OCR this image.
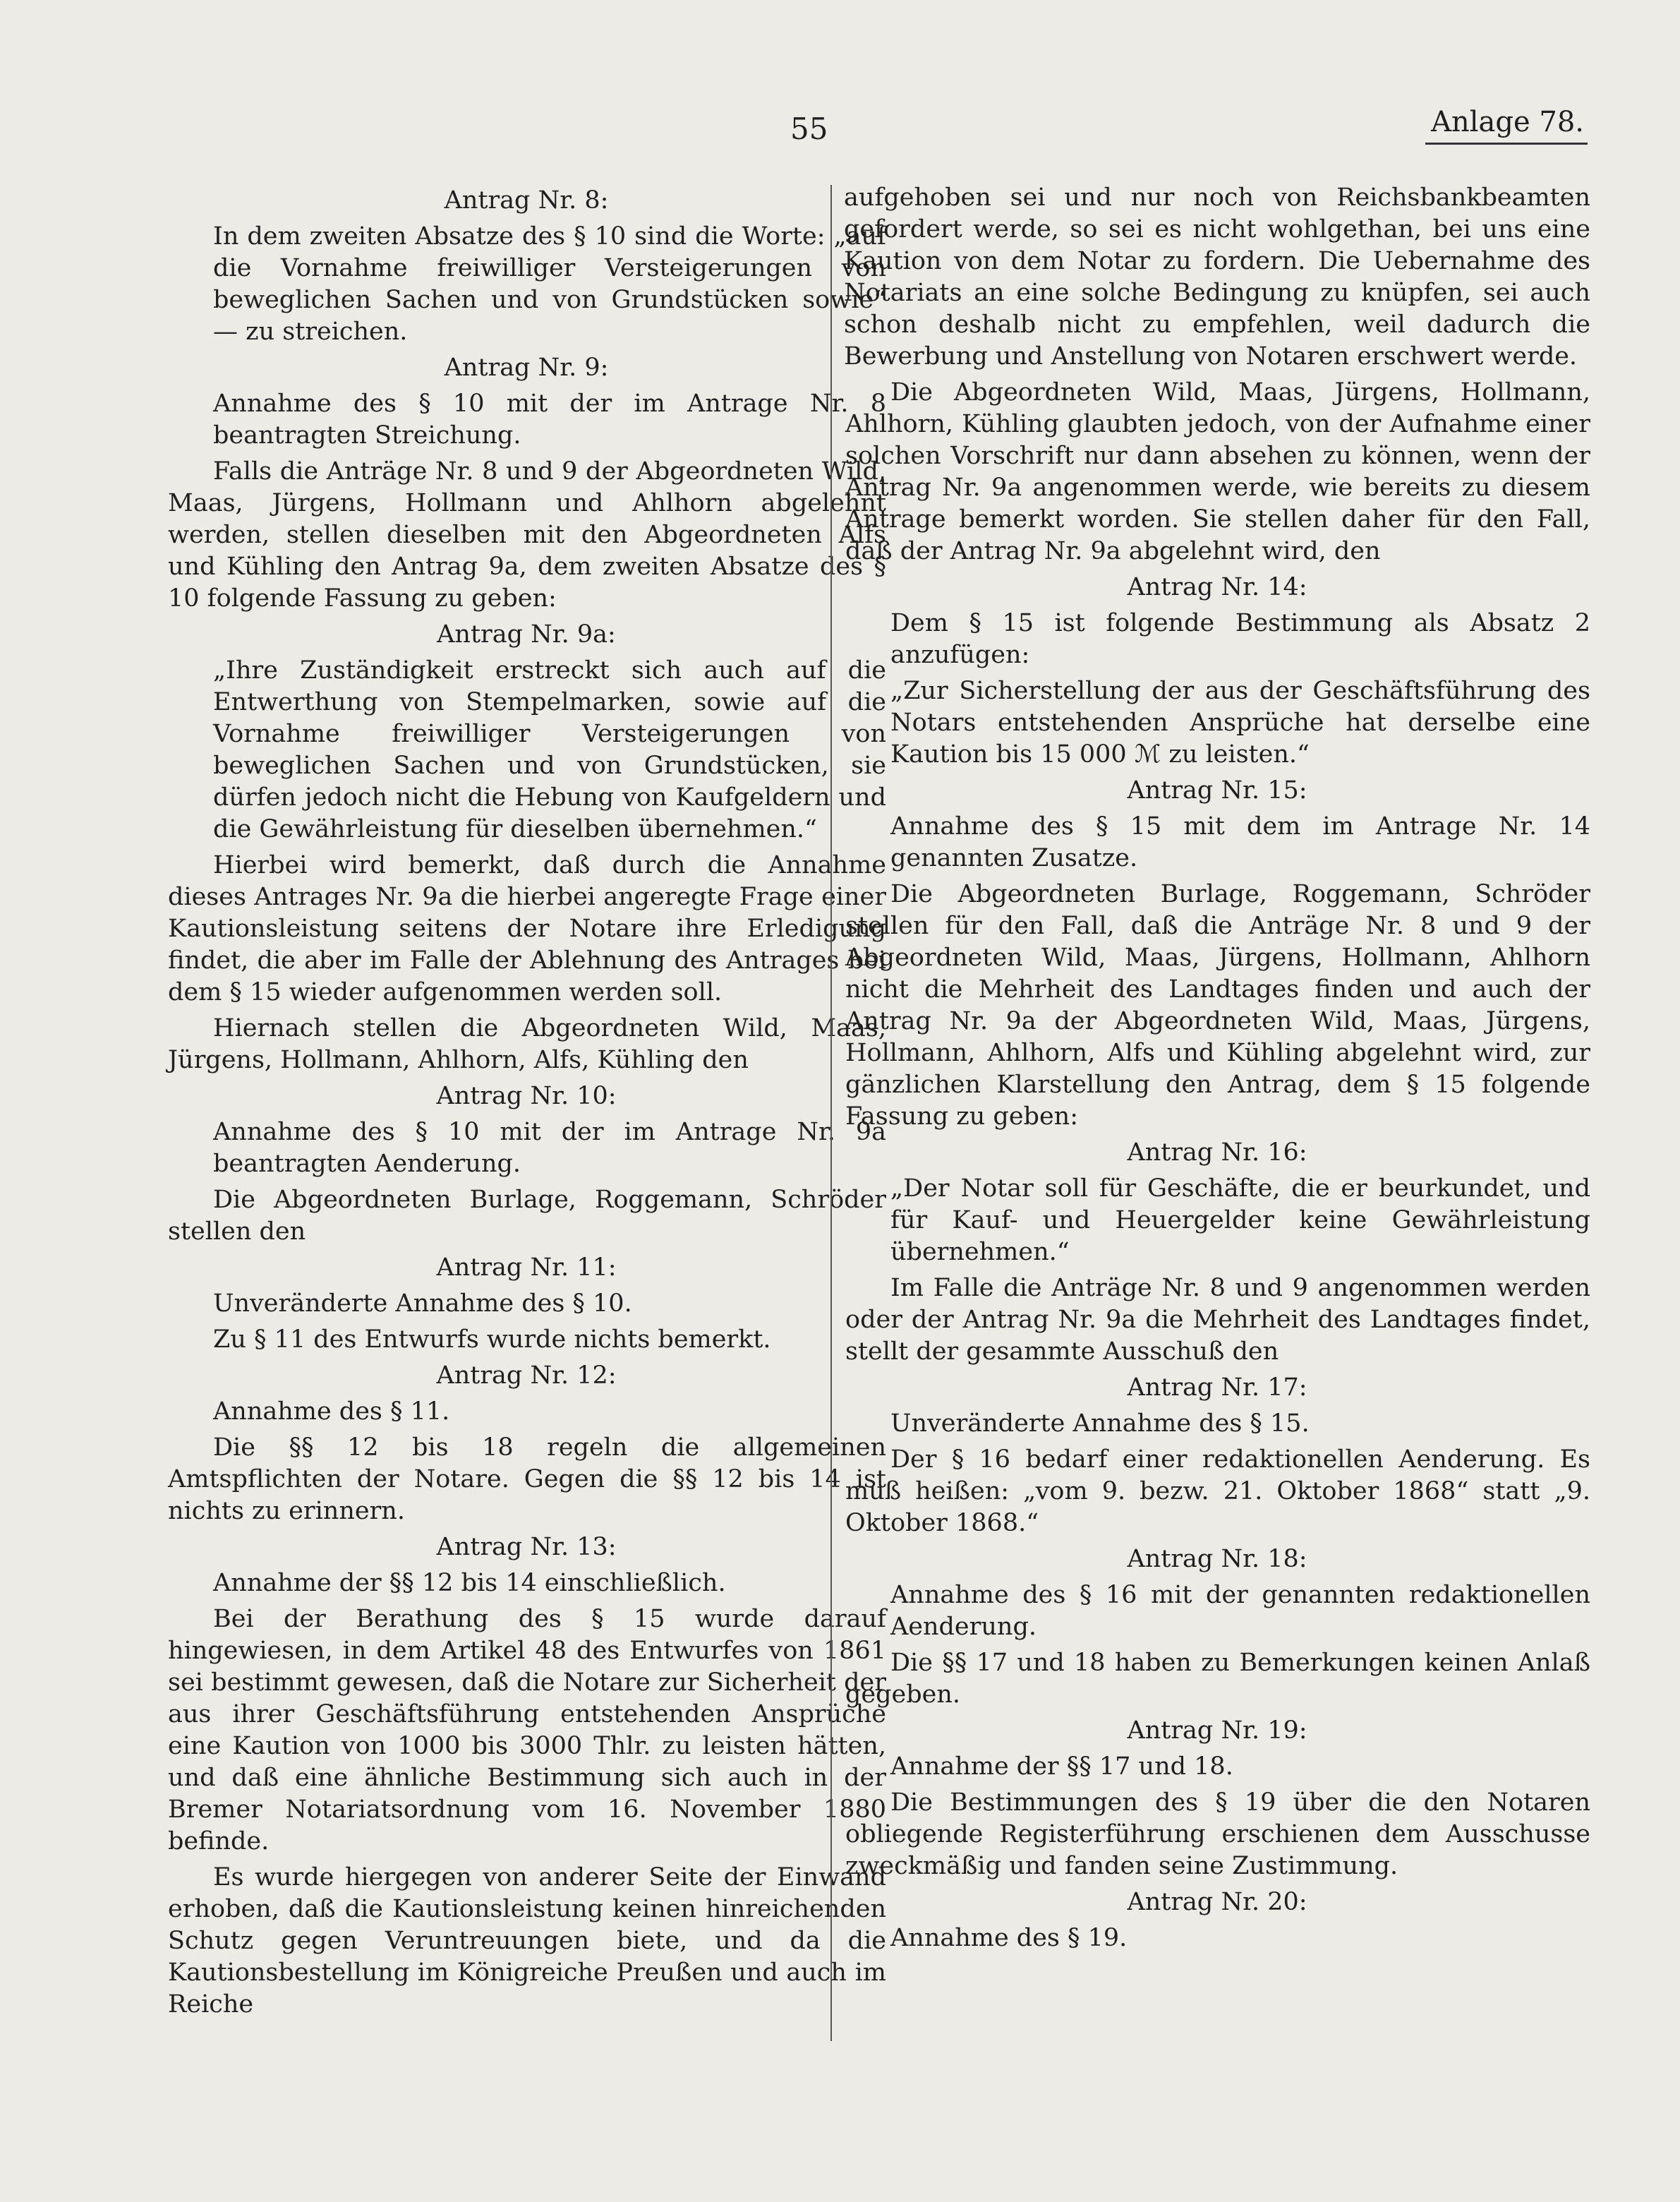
55	Anlage 78.

Antrag Nr. 8:

In dem zweiten Absatze des § 10 sind die Worte: „auf die Vornahme freiwilliger Versteigerungen von beweglichen Sachen und von Grundstücken sowie“ — zu streichen.

Antrag Nr. 9:

Annahme des § 10 mit der im Antrage Nr. 8 beantragten Streichung.

Falls die Anträge Nr. 8 und 9 der Abgeordneten Wild, Maas, Jürgens, Hollmann und Ahlhorn abgelehnt werden, stellen dieselben mit den Abgeordneten Alfs und Kühling den Antrag 9a, dem zweiten Absatze des § 10 folgende Fassung zu geben:

Antrag Nr. 9a:

„Ihre Zuständigkeit erstreckt sich auch auf die Entwerthung von Stempelmarken, sowie auf die Vornahme freiwilliger Versteigerungen von beweglichen Sachen und von Grundstücken, sie dürfen jedoch nicht die Hebung von Kaufgeldern und die Gewährleistung für dieselben übernehmen.“

Hierbei wird bemerkt, daß durch die Annahme dieses Antrages Nr. 9a die hierbei angeregte Frage einer Kautionsleistung seitens der Notare ihre Erledigung findet, die aber im Falle der Ablehnung des Antrages bei dem § 15 wieder aufgenommen werden soll.

Hiernach stellen die Abgeordneten Wild, Maas, Jürgens, Hollmann, Ahlhorn, Alfs, Kühling den

Antrag Nr. 10:

Annahme des § 10 mit der im Antrage Nr. 9a beantragten Aenderung.

Die Abgeordneten Burlage, Roggemann, Schröder stellen den

Antrag Nr. 11:

Unveränderte Annahme des § 10.

Zu § 11 des Entwurfs wurde nichts bemerkt.

Antrag Nr. 12:

Annahme des § 11.

Die §§ 12 bis 18 regeln die allgemeinen Amtspflichten der Notare. Gegen die §§ 12 bis 14 ist nichts zu erinnern.

Antrag Nr. 13:

Annahme der §§ 12 bis 14 einschließlich.

Bei der Berathung des § 15 wurde darauf hingewiesen, in dem Artikel 48 des Entwurfes von 1861 sei bestimmt gewesen, daß die Notare zur Sicherheit der aus ihrer Geschäftsführung entstehenden Ansprüche eine Kaution von 1000 bis 3000 Thlr. zu leisten hätten, und daß eine ähnliche Bestimmung sich auch in der Bremer Notariatsordnung vom 16. November 1880 befinde.

Es wurde hiergegen von anderer Seite der Einwand erhoben, daß die Kautionsleistung keinen hinreichenden Schutz gegen Veruntreuungen biete, und da die Kautionsbestellung im Königreiche Preußen und auch im Reiche

aufgehoben sei und nur noch von Reichsbankbeamten gefordert werde, so sei es nicht wohlgethan, bei uns eine Kaution von dem Notar zu fordern. Die Uebernahme des Notariats an eine solche Bedingung zu knüpfen, sei auch schon deshalb nicht zu empfehlen, weil dadurch die Bewerbung und Anstellung von Notaren erschwert werde.

Die Abgeordneten Wild, Maas, Jürgens, Hollmann, Ahlhorn, Kühling glaubten jedoch, von der Aufnahme einer solchen Vorschrift nur dann absehen zu können, wenn der Antrag Nr. 9a angenommen werde, wie bereits zu diesem Antrage bemerkt worden. Sie stellen daher für den Fall, daß der Antrag Nr. 9a abgelehnt wird, den

Antrag Nr. 14:

Dem § 15 ist folgende Bestimmung als Absatz 2 anzufügen:

„Zur Sicherstellung der aus der Geschäftsführung des Notars entstehenden Ansprüche hat derselbe eine Kaution bis 15 000 ℳ zu leisten.“

Antrag Nr. 15:

Annahme des § 15 mit dem im Antrage Nr. 14 genannten Zusatze.

Die Abgeordneten Burlage, Roggemann, Schröder stellen für den Fall, daß die Anträge Nr. 8 und 9 der Abgeordneten Wild, Maas, Jürgens, Hollmann, Ahlhorn nicht die Mehrheit des Landtages finden und auch der Antrag Nr. 9a der Abgeordneten Wild, Maas, Jürgens, Hollmann, Ahlhorn, Alfs und Kühling abgelehnt wird, zur gänzlichen Klarstellung den Antrag, dem § 15 folgende Fassung zu geben:

Antrag Nr. 16:

„Der Notar soll für Geschäfte, die er beurkundet, und für Kauf- und Heuergelder keine Gewährleistung übernehmen.“

Im Falle die Anträge Nr. 8 und 9 angenommen werden oder der Antrag Nr. 9a die Mehrheit des Landtages findet, stellt der gesammte Ausschuß den

Antrag Nr. 17:

Unveränderte Annahme des § 15.

Der § 16 bedarf einer redaktionellen Aenderung. Es muß heißen: „vom 9. bezw. 21. Oktober 1868“ statt „9. Oktober 1868.“

Antrag Nr. 18:

Annahme des § 16 mit der genannten redaktionellen Aenderung.

Die §§ 17 und 18 haben zu Bemerkungen keinen Anlaß gegeben.

Antrag Nr. 19:

Annahme der §§ 17 und 18.

Die Bestimmungen des § 19 über die den Notaren obliegende Registerführung erschienen dem Ausschusse zweckmäßig und fanden seine Zustimmung.

Antrag Nr. 20:

Annahme des § 19.
